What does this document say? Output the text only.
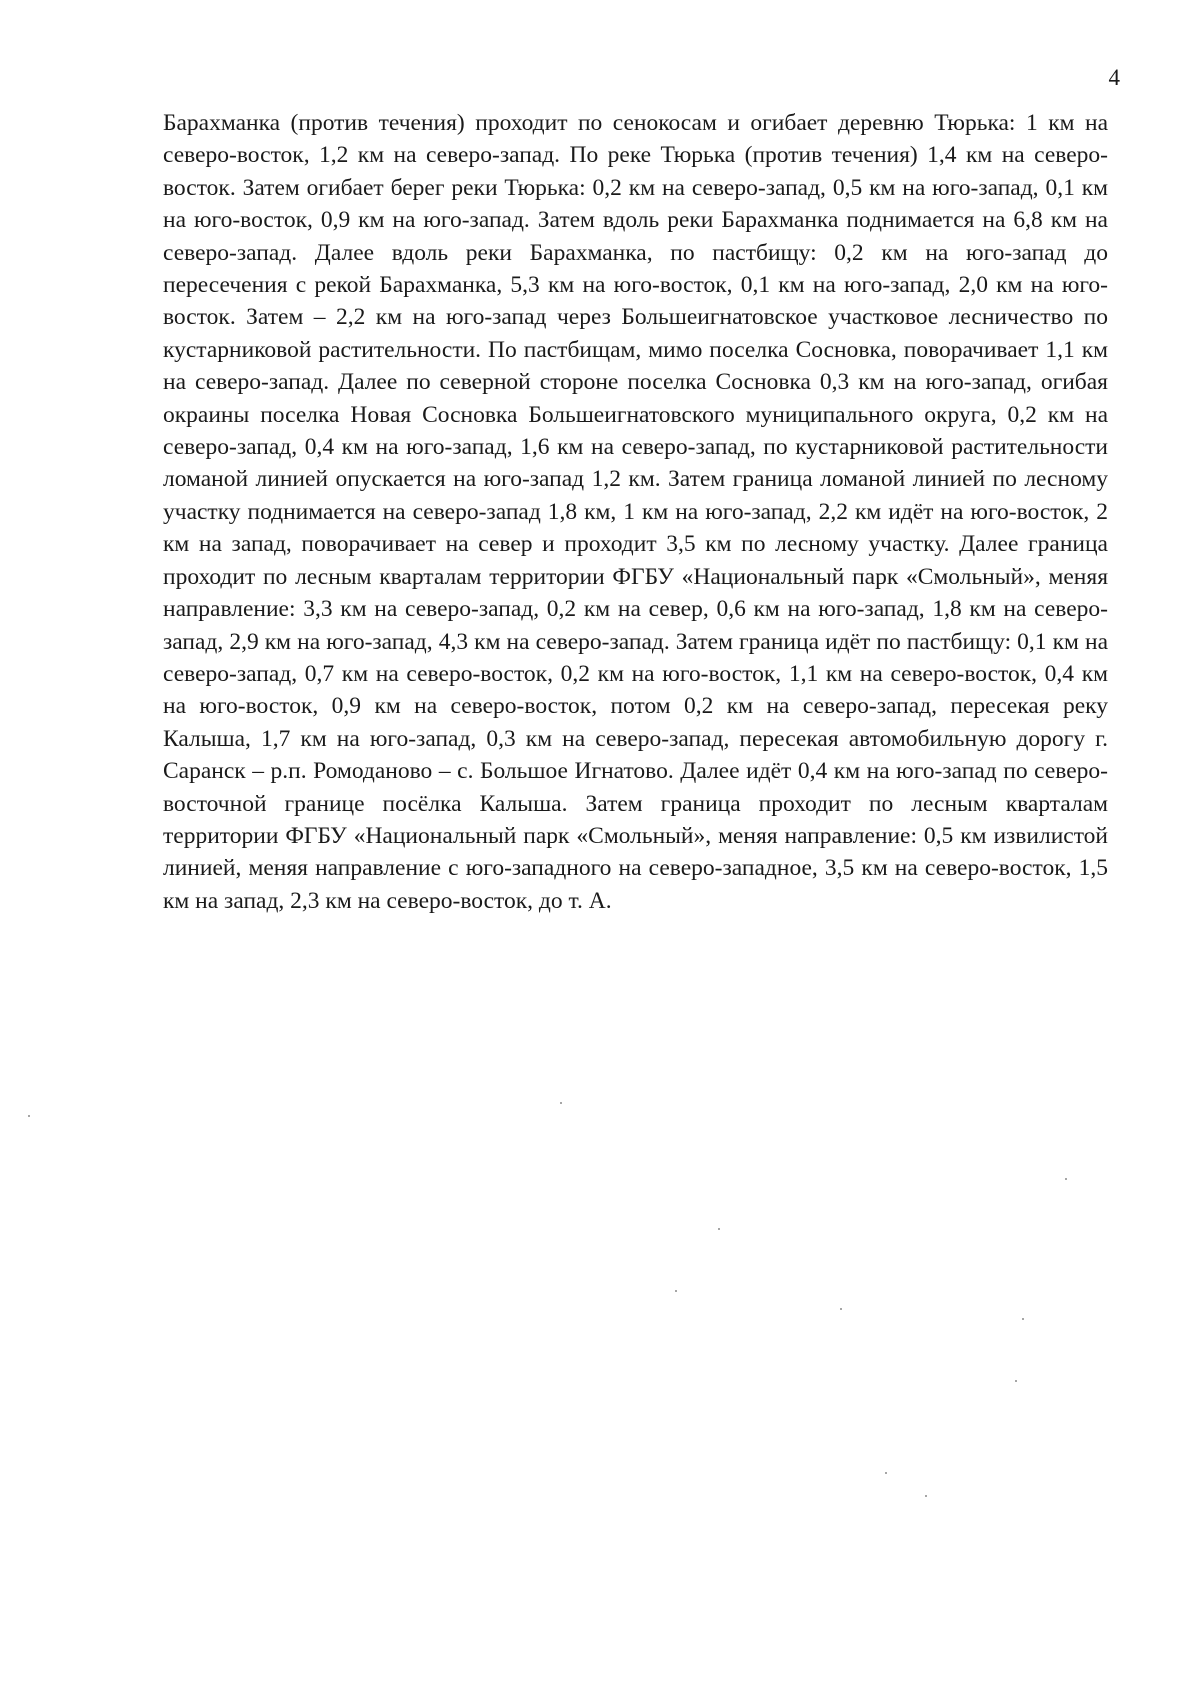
4

Барахманка (против течения) проходит по сенокосам и огибает деревню Тюрька: 1 км на северо-восток, 1,2 км на северо-запад. По реке Тюрька (против течения) 1,4 км на северо-восток. Затем огибает берег реки Тюрька: 0,2 км на северо-запад, 0,5 км на юго-запад, 0,1 км на юго-восток, 0,9 км на юго-запад. Затем вдоль реки Барахманка поднимается на 6,8 км на северо-запад. Далее вдоль реки Барахманка, по пастбищу: 0,2 км на юго-запад до пересечения с рекой Барахманка, 5,3 км на юго-восток, 0,1 км на юго-запад, 2,0 км на юго-восток. Затем – 2,2 км на юго-запад через Большеигнатовское участковое лесничество по кустарниковой растительности. По пастбищам, мимо поселка Сосновка, поворачивает 1,1 км на северо-запад. Далее по северной стороне поселка Сосновка 0,3 км на юго-запад, огибая окраины поселка Новая Сосновка Большеигнатовского муниципального округа, 0,2 км на северо-запад, 0,4 км на юго-запад, 1,6 км на северо-запад, по кустарниковой растительности ломаной линией опускается на юго-запад 1,2 км. Затем граница ломаной линией по лесному участку поднимается на северо-запад 1,8 км, 1 км на юго-запад, 2,2 км идёт на юго-восток, 2 км на запад, поворачивает на север и проходит 3,5 км по лесному участку. Далее граница проходит по лесным кварталам территории ФГБУ «Национальный парк «Смольный», меняя направление: 3,3 км на северо-запад, 0,2 км на север, 0,6 км на юго-запад, 1,8 км на северо-запад, 2,9 км на юго-запад, 4,3 км на северо-запад. Затем граница идёт по пастбищу: 0,1 км на северо-запад, 0,7 км на северо-восток, 0,2 км на юго-восток, 1,1 км на северо-восток, 0,4 км на юго-восток, 0,9 км на северо-восток, потом 0,2 км на северо-запад, пересекая реку Калыша, 1,7 км на юго-запад, 0,3 км на северо-запад, пересекая автомобильную дорогу г. Саранск – р.п. Ромоданово – с. Большое Игнатово. Далее идёт 0,4 км на юго-запад по северо-восточной границе посёлка Калыша. Затем граница проходит по лесным кварталам территории ФГБУ «Национальный парк «Смольный», меняя направление: 0,5 км извилистой линией, меняя направление с юго-западного на северо-западное, 3,5 км на северо-восток, 1,5 км на запад, 2,3 км на северо-восток, до т. А.
